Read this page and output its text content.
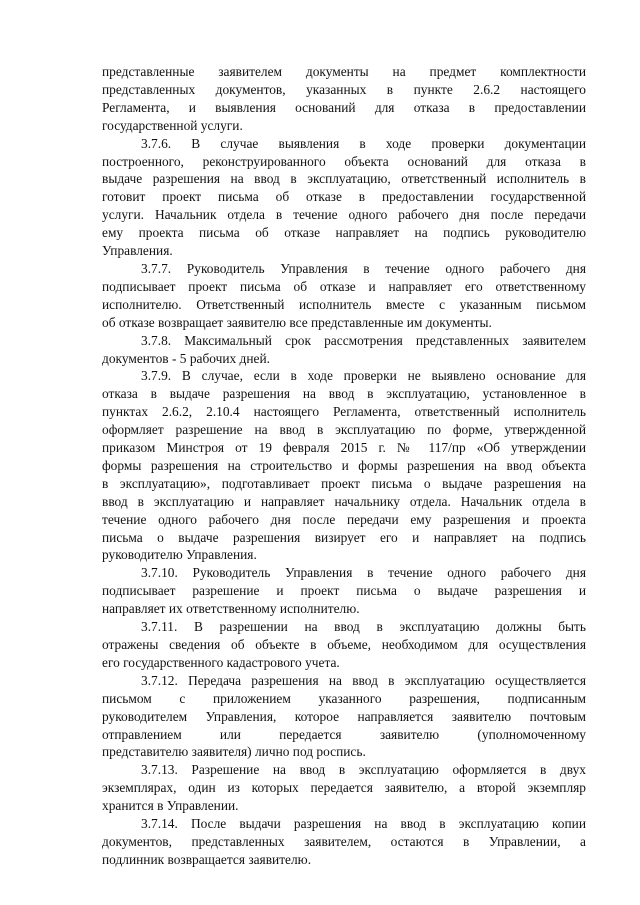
представленные заявителем документы на предмет комплектности
представленных документов, указанных в пункте 2.6.2 настоящего
Регламента, и выявления оснований для отказа в предоставлении
государственной услуги.
3.7.6. В случае выявления в ходе проверки документации
построенного, реконструированного объекта оснований для отказа в
выдаче разрешения на ввод в эксплуатацию, ответственный исполнитель в
готовит проект письма об отказе в предоставлении государственной
услуги. Начальник отдела в течение одного рабочего дня после передачи
ему проекта письма об отказе направляет на подпись руководителю
Управления.
3.7.7. Руководитель Управления в течение одного рабочего дня
подписывает проект письма об отказе и направляет его ответственному
исполнителю. Ответственный исполнитель вместе с указанным письмом
об отказе возвращает заявителю все представленные им документы.
3.7.8. Максимальный срок рассмотрения представленных заявителем
документов - 5 рабочих дней.
3.7.9. В случае, если в ходе проверки не выявлено основание для
отказа в выдаче разрешения на ввод в эксплуатацию, установленное в
пунктах 2.6.2, 2.10.4 настоящего Регламента, ответственный исполнитель
оформляет разрешение на ввод в эксплуатацию по форме, утвержденной
приказом Минстроя от 19 февраля 2015 г. № 117/пр «Об утверждении
формы разрешения на строительство и формы разрешения на ввод объекта
в эксплуатацию», подготавливает проект письма о выдаче разрешения на
ввод в эксплуатацию и направляет начальнику отдела. Начальник отдела в
течение одного рабочего дня после передачи ему разрешения и проекта
письма о выдаче разрешения визирует его и направляет на подпись
руководителю Управления.
3.7.10. Руководитель Управления в течение одного рабочего дня
подписывает разрешение и проект письма о выдаче разрешения и
направляет их ответственному исполнителю.
3.7.11. В разрешении на ввод в эксплуатацию должны быть
отражены сведения об объекте в объеме, необходимом для осуществления
его государственного кадастрового учета.
3.7.12. Передача разрешения на ввод в эксплуатацию осуществляется
письмом с приложением указанного разрешения, подписанным
руководителем Управления, которое направляется заявителю почтовым
отправлением или передается заявителю (уполномоченному
представителю заявителя) лично под роспись.
3.7.13. Разрешение на ввод в эксплуатацию оформляется в двух
экземплярах, один из которых передается заявителю, а второй экземпляр
хранится в Управлении.
3.7.14. После выдачи разрешения на ввод в эксплуатацию копии
документов, представленных заявителем, остаются в Управлении, а
подлинник возвращается заявителю.
